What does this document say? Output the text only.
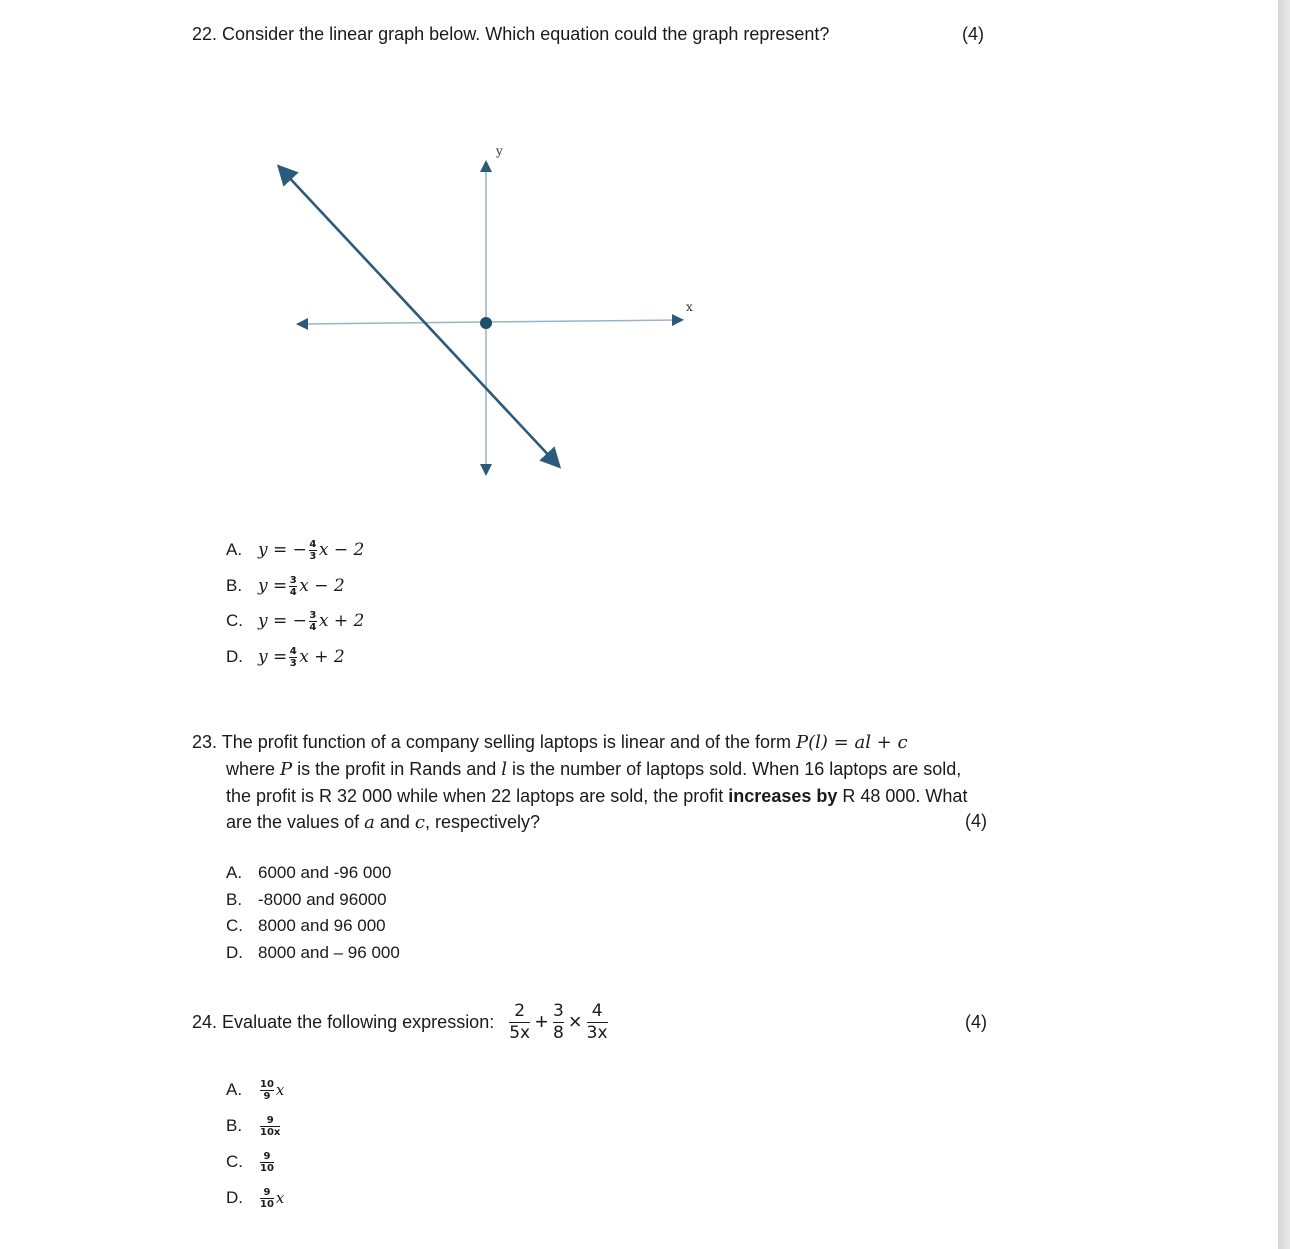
22. Consider the linear graph below. Which equation could the graph represent?	(4)
y
x
A. y = − $\frac{4}{3}$ x − 2
B. $y = \frac{3}{4}$ x − 2
C. y = − $\frac{3}{4}$ x + 2
D. $y = \frac{4}{3}$ x + 2
23. The profit function of a company selling laptops is linear and of the form P(l) = al + c
where P is the profit in Rands and l is the number of laptops sold. When 16 laptops are sold,
the profit is R 32 000 while when 22 laptops are sold, the profit increases by R 48 000. What
are the values of a and c, respectively?	(4)
A. 6000 and -96 000
B. -8000 and 96000
C. 8000 and 96 000
D. 8000 and – 96 000
24.
Evaluate the following expression:
2
5x + 3
8 × 4
3x
(4)
A.	$\frac{10}{9}$ x
B.	$\frac{9}{10x}$
C.	$\frac{9}{10}$
D.	$\frac{9}{10}$ x
